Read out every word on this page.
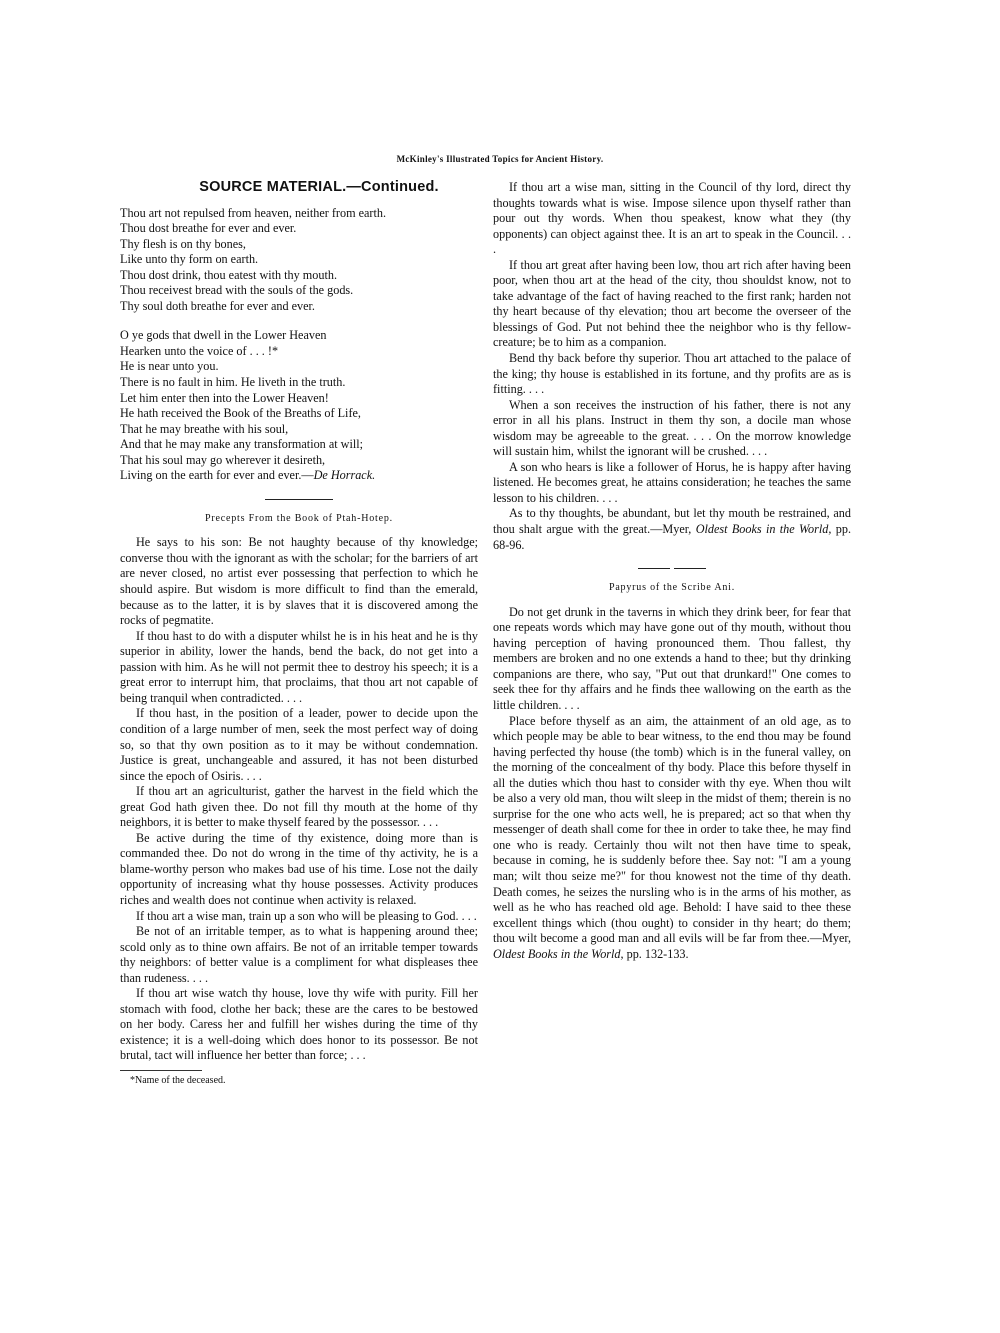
McKinley's Illustrated Topics for Ancient History.
SOURCE MATERIAL.—Continued.
Thou art not repulsed from heaven, neither from earth.
Thou dost breathe for ever and ever.
Thy flesh is on thy bones,
Like unto thy form on earth.
Thou dost drink, thou eatest with thy mouth.
Thou receivest bread with the souls of the gods.
Thy soul doth breathe for ever and ever.
O ye gods that dwell in the Lower Heaven
Hearken unto the voice of . . . !*
He is near unto you.
There is no fault in him. He liveth in the truth.
Let him enter then into the Lower Heaven!
He hath received the Book of the Breaths of Life,
That he may breathe with his soul,
And that he may make any transformation at will;
That his soul may go wherever it desireth,
Living on the earth for ever and ever.—De Horrack.
Precepts From the Book of Ptah-Hotep.

He says to his son: Be not haughty because of thy knowledge; converse thou with the ignorant as with the scholar; for the barriers of art are never closed, no artist ever possessing that perfection to which he should aspire. But wisdom is more difficult to find than the emerald, because as to the latter, it is by slaves that it is discovered among the rocks of pegmatite.

If thou hast to do with a disputer whilst he is in his heat and he is thy superior in ability, lower the hands, bend the back, do not get into a passion with him. As he will not permit thee to destroy his speech; it is a great error to interrupt him, that proclaims, that thou art not capable of being tranquil when contradicted. . . .

If thou hast, in the position of a leader, power to decide upon the condition of a large number of men, seek the most perfect way of doing so, so that thy own position as to it may be without condemnation. Justice is great, unchangeable and assured, it has not been disturbed since the epoch of Osiris. . . .

If thou art an agriculturist, gather the harvest in the field which the great God hath given thee. Do not fill thy mouth at the home of thy neighbors, it is better to make thyself feared by the possessor. . . .

Be active during the time of thy existence, doing more than is commanded thee. Do not do wrong in the time of thy activity, he is a blame-worthy person who makes bad use of his time. Lose not the daily opportunity of increasing what thy house possesses. Activity produces riches and wealth does not continue when activity is relaxed.

If thou art a wise man, train up a son who will be pleasing to God. . . .

Be not of an irritable temper, as to what is happening around thee; scold only as to thine own affairs. Be not of an irritable temper towards thy neighbors: of better value is a compliment for what displeases thee than rudeness. . . .

If thou art wise watch thy house, love thy wife with purity. Fill her stomach with food, clothe her back; these are the cares to be bestowed on her body. Caress her and fulfill her wishes during the time of thy existence; it is a well-doing which does honor to its possessor. Be not brutal, tact will influence her better than force; . . .

*Name of the deceased.

If thou art a wise man, sitting in the Council of thy lord, direct thy thoughts towards what is wise. Impose silence upon thyself rather than pour out thy words. When thou speakest, know what they (thy opponents) can object against thee. It is an art to speak in the Council. . . .

If thou art great after having been low, thou art rich after having been poor, when thou art at the head of the city, thou shouldst know, not to take advantage of the fact of having reached to the first rank; harden not thy heart because of thy elevation; thou art become the overseer of the blessings of God. Put not behind thee the neighbor who is thy fellow-creature; be to him as a companion.

Bend thy back before thy superior. Thou art attached to the palace of the king; thy house is established in its fortune, and thy profits are as is fitting. . . .

When a son receives the instruction of his father, there is not any error in all his plans. Instruct in them thy son, a docile man whose wisdom may be agreeable to the great. . . . On the morrow knowledge will sustain him, whilst the ignorant will be crushed. . . .

A son who hears is like a follower of Horus, he is happy after having listened. He becomes great, he attains consideration; he teaches the same lesson to his children. . . .

As to thy thoughts, be abundant, but let thy mouth be restrained, and thou shalt argue with the great.—Myer, Oldest Books in the World, pp. 68-96.

Papyrus of the Scribe Ani.

Do not get drunk in the taverns in which they drink beer, for fear that one repeats words which may have gone out of thy mouth, without thou having perception of having pronounced them. Thou fallest, thy members are broken and no one extends a hand to thee; but thy drinking companions are there, who say, "Put out that drunkard!" One comes to seek thee for thy affairs and he finds thee wallowing on the earth as the little children. . . .

Place before thyself as an aim, the attainment of an old age, as to which people may be able to bear witness, to the end thou may be found having perfected thy house (the tomb) which is in the funeral valley, on the morning of the concealment of thy body. Place this before thyself in all the duties which thou hast to consider with thy eye. When thou wilt be also a very old man, thou wilt sleep in the midst of them; therein is no surprise for the one who acts well, he is prepared; act so that when thy messenger of death shall come for thee in order to take thee, he may find one who is ready. Certainly thou wilt not then have time to speak, because in coming, he is suddenly before thee. Say not: "I am a young man; wilt thou seize me?" for thou knowest not the time of thy death. Death comes, he seizes the nursling who is in the arms of his mother, as well as he who has reached old age. Behold: I have said to thee these excellent things which (thou ought) to consider in thy heart; do them; thou wilt become a good man and all evils will be far from thee.—Myer, Oldest Books in the World, pp. 132-133.
